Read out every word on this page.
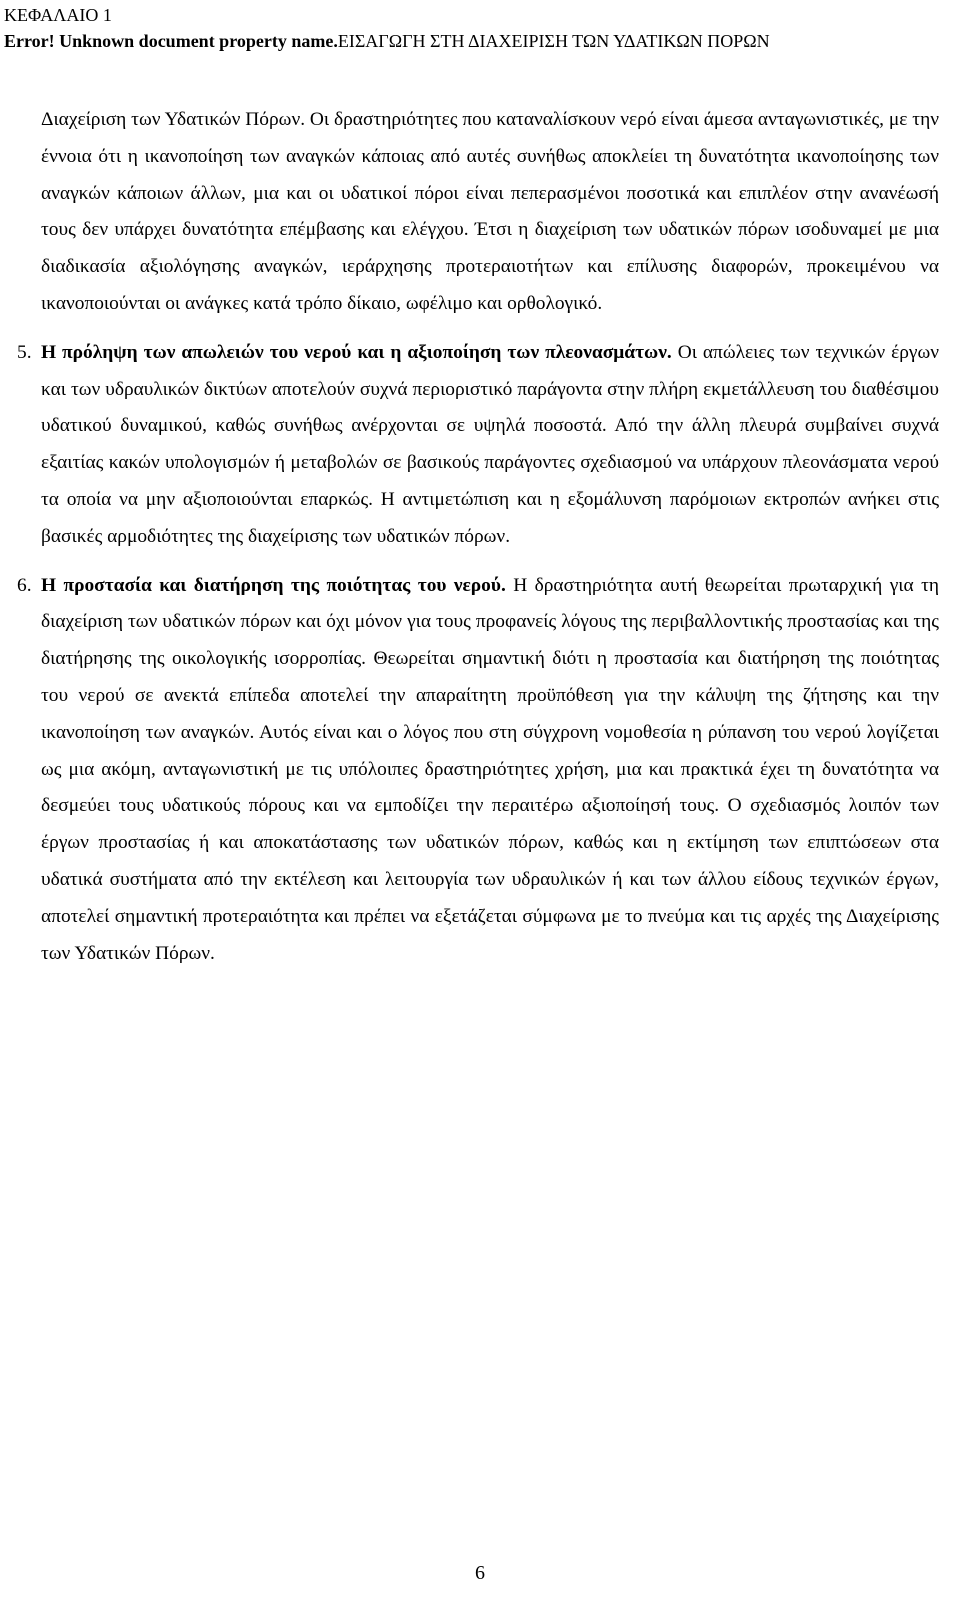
ΚΕΦΑΛΑΙΟ 1
Error! Unknown document property name.ΕΙΣΑΓΩΓΗ ΣΤΗ ΔΙΑΧΕΙΡΙΣΗ ΤΩΝ ΥΔΑΤΙΚΩΝ ΠΟΡΩΝ

Διαχείριση των Υδατικών Πόρων. Οι δραστηριότητες που καταναλίσκουν νερό είναι άμεσα ανταγωνιστικές, με την έννοια ότι η ικανοποίηση των αναγκών κάποιας από αυτές συνήθως αποκλείει τη δυνατότητα ικανοποίησης των αναγκών κάποιων άλλων, μια και οι υδατικοί πόροι είναι πεπερασμένοι ποσοτικά και επιπλέον στην ανανέωσή τους δεν υπάρχει δυνατότητα επέμβασης και ελέγχου. Έτσι η διαχείριση των υδατικών πόρων ισοδυναμεί με μια διαδικασία αξιολόγησης αναγκών, ιεράρχησης προτεραιοτήτων και επίλυσης διαφορών, προκειμένου να ικανοποιούνται οι ανάγκες κατά τρόπο δίκαιο, ωφέλιμο και ορθολογικό.

5. Η πρόληψη των απωλειών του νερού και η αξιοποίηση των πλεονασμάτων. Οι απώλειες των τεχνικών έργων και των υδραυλικών δικτύων αποτελούν συχνά περιοριστικό παράγοντα στην πλήρη εκμετάλλευση του διαθέσιμου υδατικού δυναμικού, καθώς συνήθως ανέρχονται σε υψηλά ποσοστά. Από την άλλη πλευρά συμβαίνει συχνά εξαιτίας κακών υπολογισμών ή μεταβολών σε βασικούς παράγοντες σχεδιασμού να υπάρχουν πλεονάσματα νερού τα οποία να μην αξιοποιούνται επαρκώς. Η αντιμετώπιση και η εξομάλυνση παρόμοιων εκτροπών ανήκει στις βασικές αρμοδιότητες της διαχείρισης των υδατικών πόρων.

6. Η προστασία και διατήρηση της ποιότητας του νερού. Η δραστηριότητα αυτή θεωρείται πρωταρχική για τη διαχείριση των υδατικών πόρων και όχι μόνον για τους προφανείς λόγους της περιβαλλοντικής προστασίας και της διατήρησης της οικολογικής ισορροπίας. Θεωρείται σημαντική διότι η προστασία και διατήρηση της ποιότητας του νερού σε ανεκτά επίπεδα αποτελεί την απαραίτητη προϋπόθεση για την κάλυψη της ζήτησης και την ικανοποίηση των αναγκών. Αυτός είναι και ο λόγος που στη σύγχρονη νομοθεσία η ρύπανση του νερού λογίζεται ως μια ακόμη, ανταγωνιστική με τις υπόλοιπες δραστηριότητες χρήση, μια και πρακτικά έχει τη δυνατότητα να δεσμεύει τους υδατικούς πόρους και να εμποδίζει την περαιτέρω αξιοποίησή τους. Ο σχεδιασμός λοιπόν των έργων προστασίας ή και αποκατάστασης των υδατικών πόρων, καθώς και η εκτίμηση των επιπτώσεων στα υδατικά συστήματα από την εκτέλεση και λειτουργία των υδραυλικών ή και των άλλου είδους τεχνικών έργων, αποτελεί σημαντική προτεραιότητα και πρέπει να εξετάζεται σύμφωνα με το πνεύμα και τις αρχές της Διαχείρισης των Υδατικών Πόρων.

6
